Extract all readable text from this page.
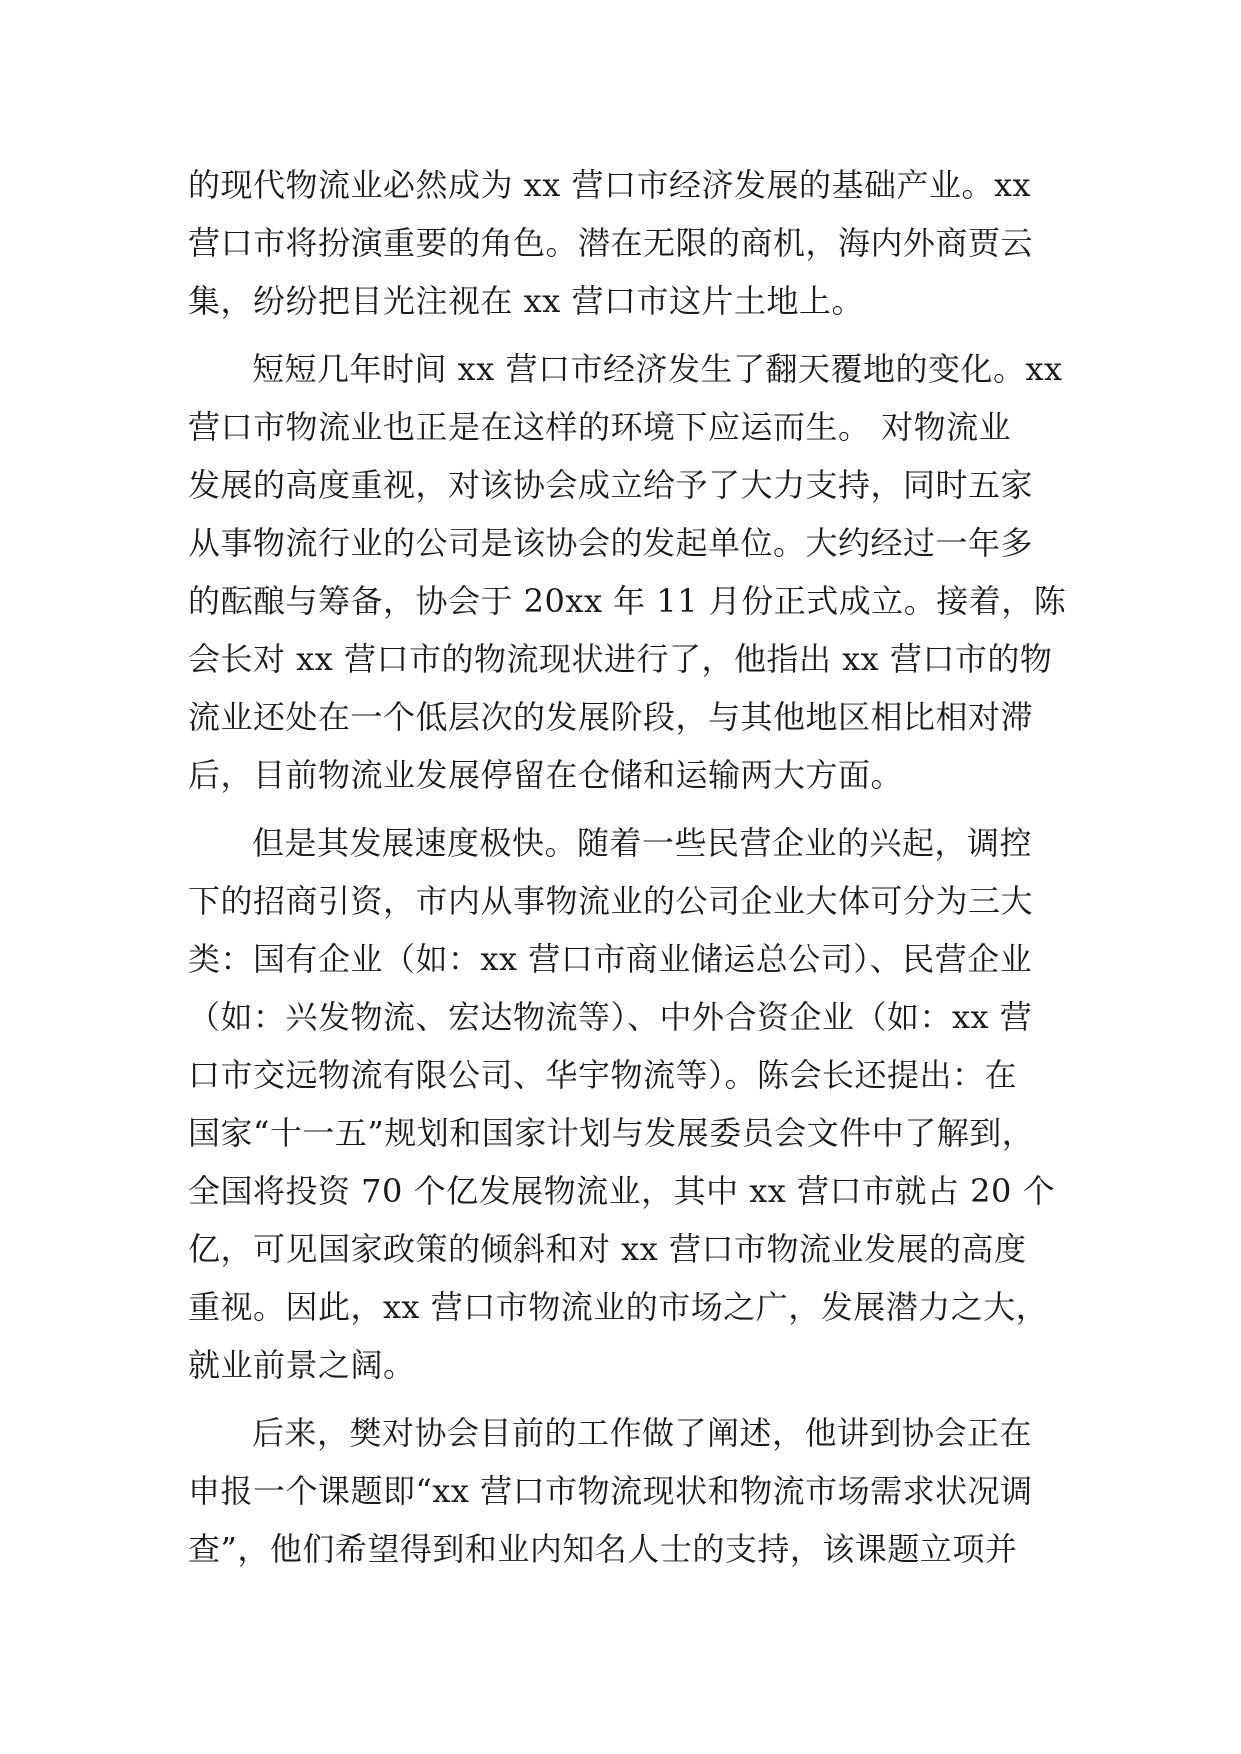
的现代物流业必然成为 xx 营口市经济发展的基础产业。xx
营口市将扮演重要的角色。潜在无限的商机，海内外商贾云
集，纷纷把目光注视在 xx 营口市这片土地上。
短短几年时间 xx 营口市经济发生了翻天覆地的变化。xx
营口市物流业也正是在这样的环境下应运而生。 对物流业
发展的高度重视，对该协会成立给予了大力支持，同时五家
从事物流行业的公司是该协会的发起单位。大约经过一年多
的酝酿与筹备，协会于 20xx 年 11 月份正式成立。接着，陈
会长对 xx 营口市的物流现状进行了，他指出 xx 营口市的物
流业还处在一个低层次的发展阶段，与其他地区相比相对滞
后，目前物流业发展停留在仓储和运输两大方面。
但是其发展速度极快。随着一些民营企业的兴起，调控
下的招商引资，市内从事物流业的公司企业大体可分为三大
类：国有企业（如：xx 营口市商业储运总公司）、民营企业
（如：兴发物流、宏达物流等）、中外合资企业（如：xx 营
口市交远物流有限公司、华宇物流等）。陈会长还提出：在
国家“十一五”规划和国家计划与发展委员会文件中了解到，
全国将投资 70 个亿发展物流业，其中 xx 营口市就占 20 个
亿，可见国家政策的倾斜和对 xx 营口市物流业发展的高度
重视。因此，xx 营口市物流业的市场之广，发展潜力之大，
就业前景之阔。
后来，樊对协会目前的工作做了阐述，他讲到协会正在
申报一个课题即“xx 营口市物流现状和物流市场需求状况调
查”，他们希望得到和业内知名人士的支持，该课题立项并
